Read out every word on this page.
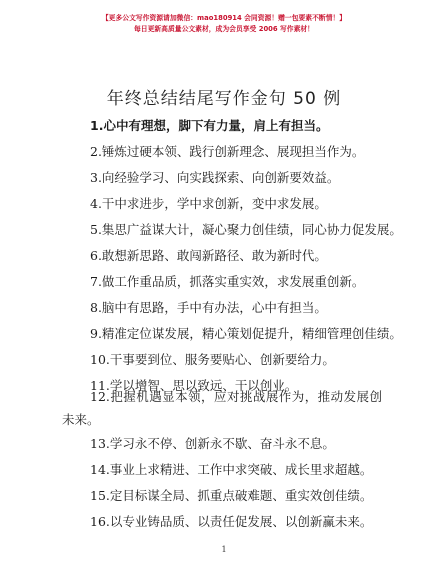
【更多公文写作资源请加微信：mao180914 会同资源！赠一包要素不断情！】
每日更新高质量公文素材，成为会员享受 2006 写作素材！
年终总结结尾写作金句 50 例
1.心中有理想，脚下有力量，肩上有担当。
2.锤炼过硬本领、践行创新理念、展现担当作为。
3.向经验学习、向实践探索、向创新要效益。
4.干中求进步，学中求创新，变中求发展。
5.集思广益谋大计，凝心聚力创佳绩，同心协力促发展。
6.敢想新思路、敢闯新路径、敢为新时代。
7.做工作重品质，抓落实重实效，求发展重创新。
8.脑中有思路，手中有办法，心中有担当。
9.精准定位谋发展，精心策划促提升，精细管理创佳绩。
10.干事要到位、服务要贴心、创新要给力。
11.学以增智、思以致远、干以创业。
12.把握机遇显本领，应对挑战展作为，推动发展创未来。
13.学习永不停、创新永不歇、奋斗永不息。
14.事业上求精进、工作中求突破、成长里求超越。
15.定目标谋全局、抓重点破难题、重实效创佳绩。
16.以专业铸品质、以责任促发展、以创新赢未来。
1
